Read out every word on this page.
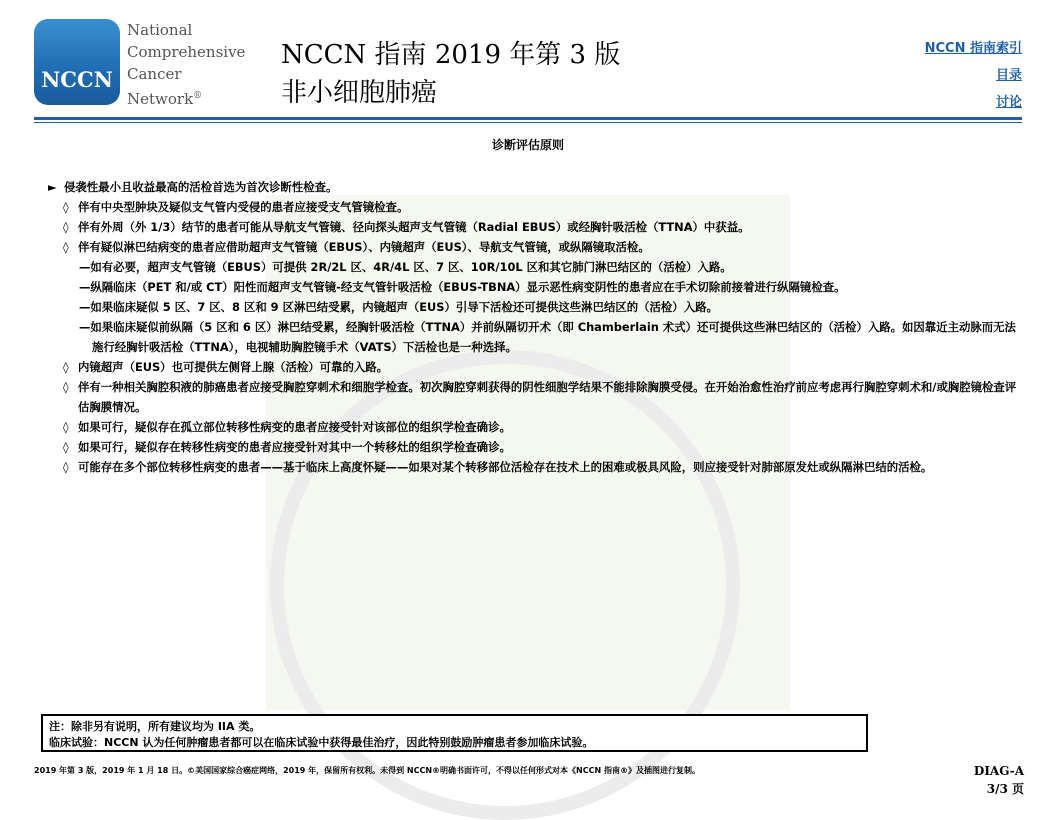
NCCN
National
Comprehensive
Cancer
Network®
NCCN 指南 2019 年第 3 版
非小细胞肺癌
NCCN 指南索引
目录
讨论
诊断评估原则
► 侵袭性最小且收益最高的活检首选为首次诊断性检查。
◊ 伴有中央型肿块及疑似支气管内受侵的患者应接受支气管镜检查。
◊ 伴有外周（外 1/3）结节的患者可能从导航支气管镜、径向探头超声支气管镜（Radial EBUS）或经胸针吸活检（TTNA）中获益。
◊ 伴有疑似淋巴结病变的患者应借助超声支气管镜（EBUS）、内镜超声（EUS）、导航支气管镜，或纵隔镜取活检。
—如有必要，超声支气管镜（EBUS）可提供 2R/2L 区、4R/4L 区、7 区、10R/10L 区和其它肺门淋巴结区的（活检）入路。
—纵隔临床（PET 和/或 CT）阳性而超声支气管镜-经支气管针吸活检（EBUS-TBNA）显示恶性病变阴性的患者应在手术切除前接着进行纵隔镜检查。
—如果临床疑似 5 区、7 区、8 区和 9 区淋巴结受累，内镜超声（EUS）引导下活检还可提供这些淋巴结区的（活检）入路。
—如果临床疑似前纵隔（5 区和 6 区）淋巴结受累，经胸针吸活检（TTNA）并前纵隔切开术（即 Chamberlain 术式）还可提供这些淋巴结区的（活检）入路。如因靠近主动脉而无法施行经胸针吸活检（TTNA），电视辅助胸腔镜手术（VATS）下活检也是一种选择。
◊ 内镜超声（EUS）也可提供左侧肾上腺（活检）可靠的入路。
◊ 伴有一种相关胸腔积液的肺癌患者应接受胸腔穿刺术和细胞学检查。初次胸腔穿刺获得的阴性细胞学结果不能排除胸膜受侵。在开始治愈性治疗前应考虑再行胸腔穿刺术和/或胸腔镜检查评估胸膜情况。
◊ 如果可行，疑似存在孤立部位转移性病变的患者应接受针对该部位的组织学检查确诊。
◊ 如果可行，疑似存在转移性病变的患者应接受针对其中一个转移灶的组织学检查确诊。
◊ 可能存在多个部位转移性病变的患者——基于临床上高度怀疑——如果对某个转移部位活检存在技术上的困难或极具风险，则应接受针对肺部原发灶或纵隔淋巴结的活检。
注：除非另有说明，所有建议均为 IIA 类。
临床试验：NCCN 认为任何肿瘤患者都可以在临床试验中获得最佳治疗，因此特别鼓励肿瘤患者参加临床试验。
2019 年第 3 版，2019 年 1 月 18 日。©美国国家综合癌症网络，2019 年，保留所有权利。未得到 NCCN®明确书面许可，不得以任何形式对本《NCCN 指南®》及插图进行复制。	DIAG-A
3/3 页
